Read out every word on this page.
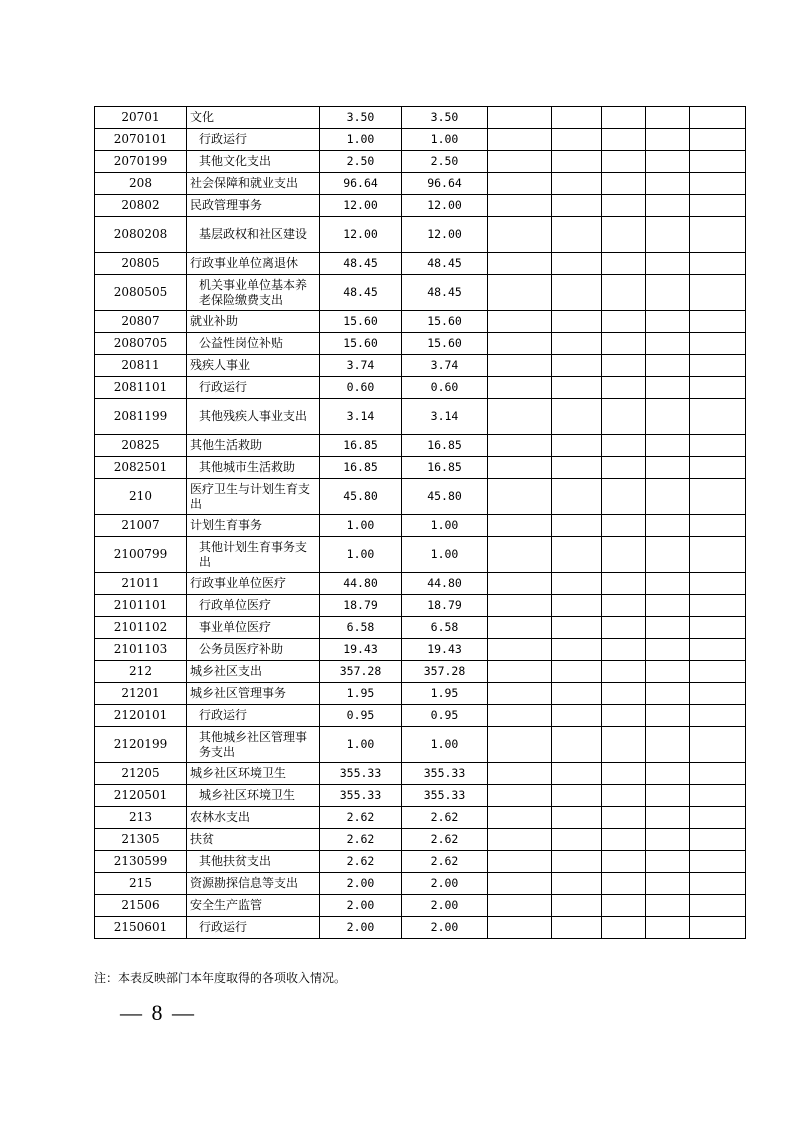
20701	文化	3.50	3.50					
2070101	行政运行	1.00	1.00					
2070199	其他文化支出	2.50	2.50					
208	社会保障和就业支出	96.64	96.64					
20802	民政管理事务	12.00	12.00					
2080208	基层政权和社区建设	12.00	12.00					
20805	行政事业单位离退休	48.45	48.45					
2080505	机关事业单位基本养老保险缴费支出	48.45	48.45					
20807	就业补助	15.60	15.60					
2080705	公益性岗位补贴	15.60	15.60					
20811	残疾人事业	3.74	3.74					
2081101	行政运行	0.60	0.60					
2081199	其他残疾人事业支出	3.14	3.14					
20825	其他生活救助	16.85	16.85					
2082501	其他城市生活救助	16.85	16.85					
210	医疗卫生与计划生育支出	45.80	45.80					
21007	计划生育事务	1.00	1.00					
2100799	其他计划生育事务支出	1.00	1.00					
21011	行政事业单位医疗	44.80	44.80					
2101101	行政单位医疗	18.79	18.79					
2101102	事业单位医疗	6.58	6.58					
2101103	公务员医疗补助	19.43	19.43					
212	城乡社区支出	357.28	357.28					
21201	城乡社区管理事务	1.95	1.95					
2120101	行政运行	0.95	0.95					
2120199	其他城乡社区管理事务支出	1.00	1.00					
21205	城乡社区环境卫生	355.33	355.33					
2120501	城乡社区环境卫生	355.33	355.33					
213	农林水支出	2.62	2.62					
21305	扶贫	2.62	2.62					
2130599	其他扶贫支出	2.62	2.62					
215	资源勘探信息等支出	2.00	2.00					
21506	安全生产监管	2.00	2.00					
2150601	行政运行	2.00	2.00					
注：本表反映部门本年度取得的各项收入情况。
— 8 —
